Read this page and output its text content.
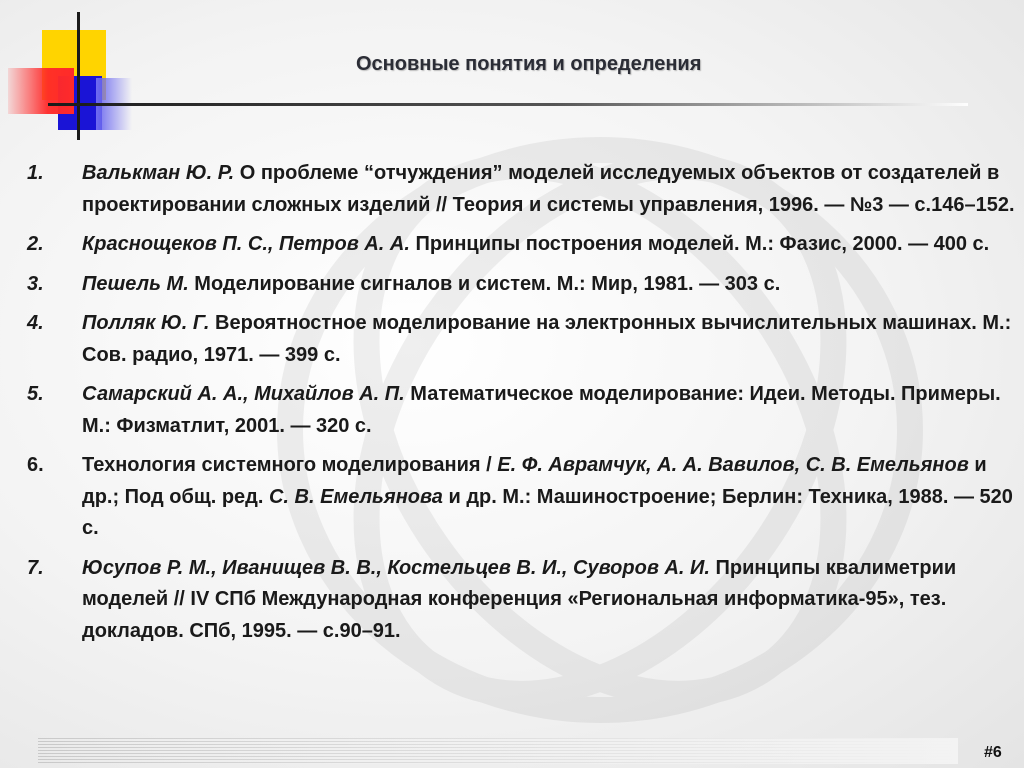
Основные понятия и определения
1. Валькман Ю. Р. О проблеме “отчуждения” моделей исследуемых объектов от создателей в проектировании сложных изделий // Теория и системы управления, 1996. — №3 — с.146–152.
2. Краснощеков П. С., Петров А. А. Принципы построения моделей. М.: Фазис, 2000. — 400 с.
3. Пешель М. Моделирование сигналов и систем. М.: Мир, 1981. — 303 с.
4. Полляк Ю. Г. Вероятностное моделирование на электронных вычислительных машинах. М.: Сов. радио, 1971. — 399 с.
5. Самарский А. А., Михайлов А. П. Математическое моделирование: Идеи. Методы. Примеры. М.: Физматлит, 2001. — 320 с.
6. Технология системного моделирования / Е. Ф. Аврамчук, А. А. Вавилов, С. В. Емельянов и др.; Под общ. ред. С. В. Емельянова и др. М.: Машиностроение; Берлин: Техника, 1988. — 520 с.
7. Юсупов Р. М., Иванищев В. В., Костельцев В. И., Суворов А. И. Принципы квалиметрии моделей // IV СПб Международная конференция «Региональная информатика-95», тез. докладов. СПб, 1995. — с.90–91.

#6
